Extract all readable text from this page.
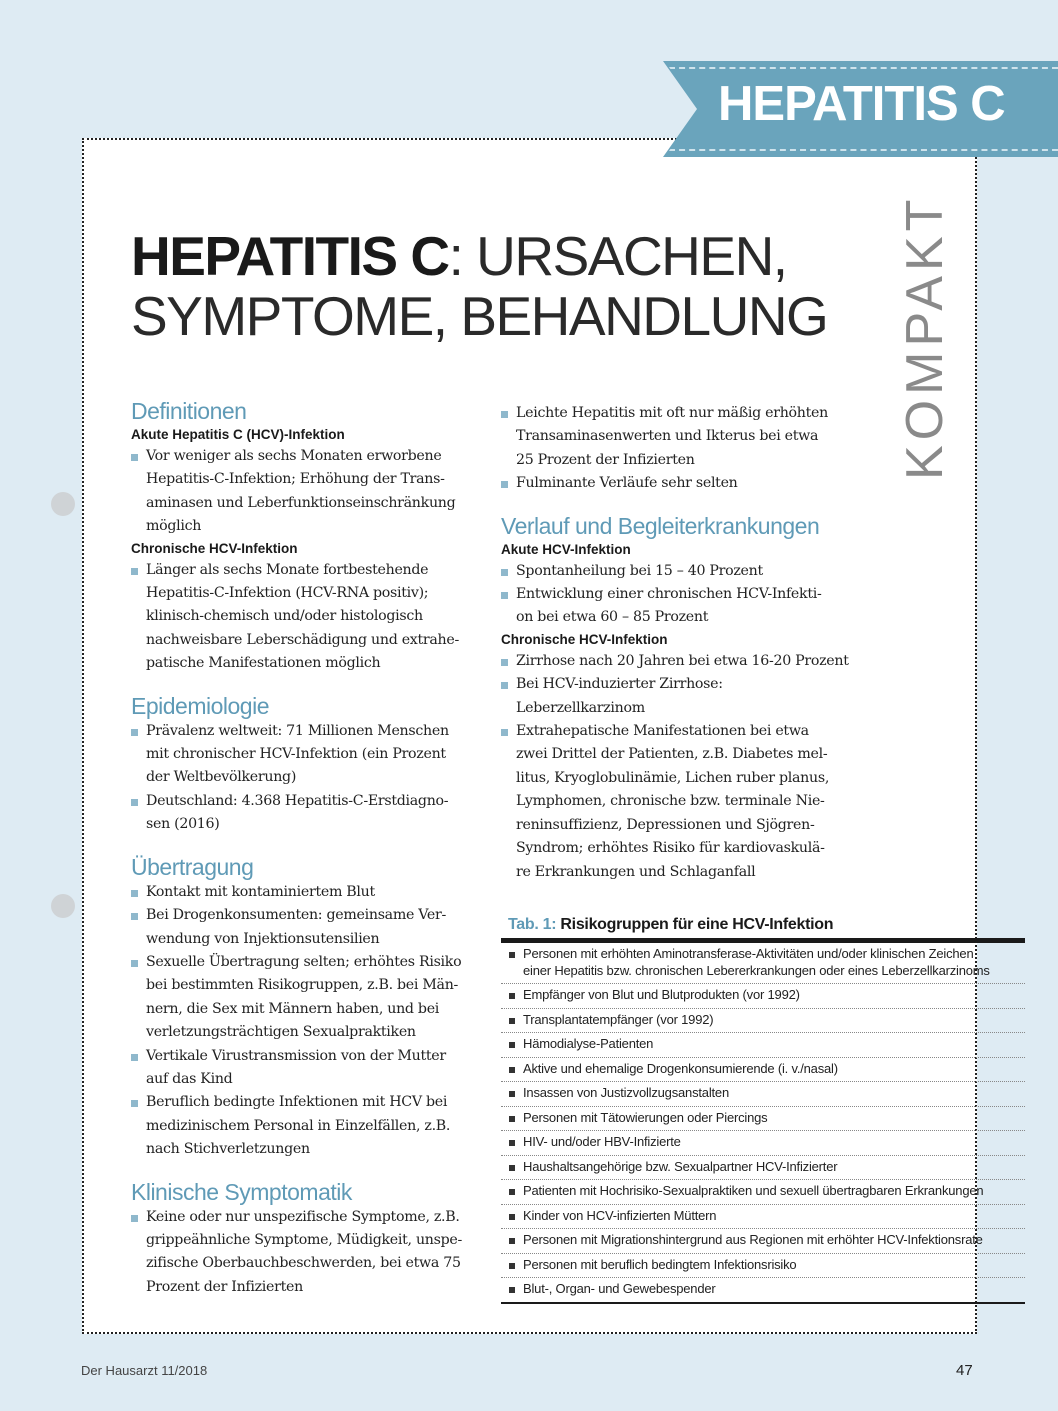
HEPATITIS C
KOMPAKT
HEPATITIS C: URSACHEN,
SYMPTOME, BEHANDLUNG
Definitionen
Akute Hepatitis C (HCV)-Infektion
Vor weniger als sechs Monaten erworbene
Hepatitis-C-Infektion; Erhöhung der Trans-
aminasen und Leberfunktionseinschränkung
möglich
Chronische HCV-Infektion
Länger als sechs Monate fortbestehende
Hepatitis-C-Infektion (HCV-RNA positiv);
klinisch-chemisch und/oder histologisch
nachweisbare Leberschädigung und extrahe-
patische Manifestationen möglich
Epidemiologie
Prävalenz weltweit: 71 Millionen Menschen
mit chronischer HCV-Infektion (ein Prozent
der Weltbevölkerung)
Deutschland: 4.368 Hepatitis-C-Erstdiagno-
sen (2016)
Übertragung
Kontakt mit kontaminiertem Blut
Bei Drogenkonsumenten: gemeinsame Ver-
wendung von Injektionsutensilien
Sexuelle Übertragung selten; erhöhtes Risiko
bei bestimmten Risikogruppen, z.B. bei Män-
nern, die Sex mit Männern haben, und bei
verletzungsträchtigen Sexualpraktiken
Vertikale Virustransmission von der Mutter
auf das Kind
Beruflich bedingte Infektionen mit HCV bei
medizinischem Personal in Einzelfällen, z.B.
nach Stichverletzungen
Klinische Symptomatik
Keine oder nur unspezifische Symptome, z.B.
grippeähnliche Symptome, Müdigkeit, unspe-
zifische Oberbauchbeschwerden, bei etwa 75
Prozent der Infizierten
Leichte Hepatitis mit oft nur mäßig erhöhten
Transaminasenwerten und Ikterus bei etwa
25 Prozent der Infizierten
Fulminante Verläufe sehr selten
Verlauf und Begleiterkrankungen
Akute HCV-Infektion
Spontanheilung bei 15 – 40 Prozent
Entwicklung einer chronischen HCV-Infekti-
on bei etwa 60 – 85 Prozent
Chronische HCV-Infektion
Zirrhose nach 20 Jahren bei etwa 16-20 Prozent
Bei HCV-induzierter Zirrhose: Leberzellkarzinom
Extrahepatische Manifestationen bei etwa
zwei Drittel der Patienten, z.B. Diabetes mel-
litus, Kryoglobulinämie, Lichen ruber planus,
Lymphomen, chronische bzw. terminale Nie-
reninsuffizienz, Depressionen und Sjögren-
Syndrom; erhöhtes Risiko für kardiovaskulä-
re Erkrankungen und Schlaganfall
Tab. 1: Risikogruppen für eine HCV-Infektion
Personen mit erhöhten Aminotransferase-Aktivitäten und/oder klinischen Zeichen
einer Hepatitis bzw. chronischen Lebererkrankungen oder eines Leberzellkarzinoms
Empfänger von Blut und Blutprodukten (vor 1992)
Transplantatempfänger (vor 1992)
Hämodialyse-Patienten
Aktive und ehemalige Drogenkonsumierende (i. v./nasal)
Insassen von Justizvollzugsanstalten
Personen mit Tätowierungen oder Piercings
HIV- und/oder HBV-Infizierte
Haushaltsangehörige bzw. Sexualpartner HCV-Infizierter
Patienten mit Hochrisiko-Sexualpraktiken und sexuell übertragbaren Erkrankungen
Kinder von HCV-infizierten Müttern
Personen mit Migrationshintergrund aus Regionen mit erhöhter HCV-Infektionsrate
Personen mit beruflich bedingtem Infektionsrisiko
Blut-, Organ- und Gewebespender
Der Hausarzt 11/2018	47
